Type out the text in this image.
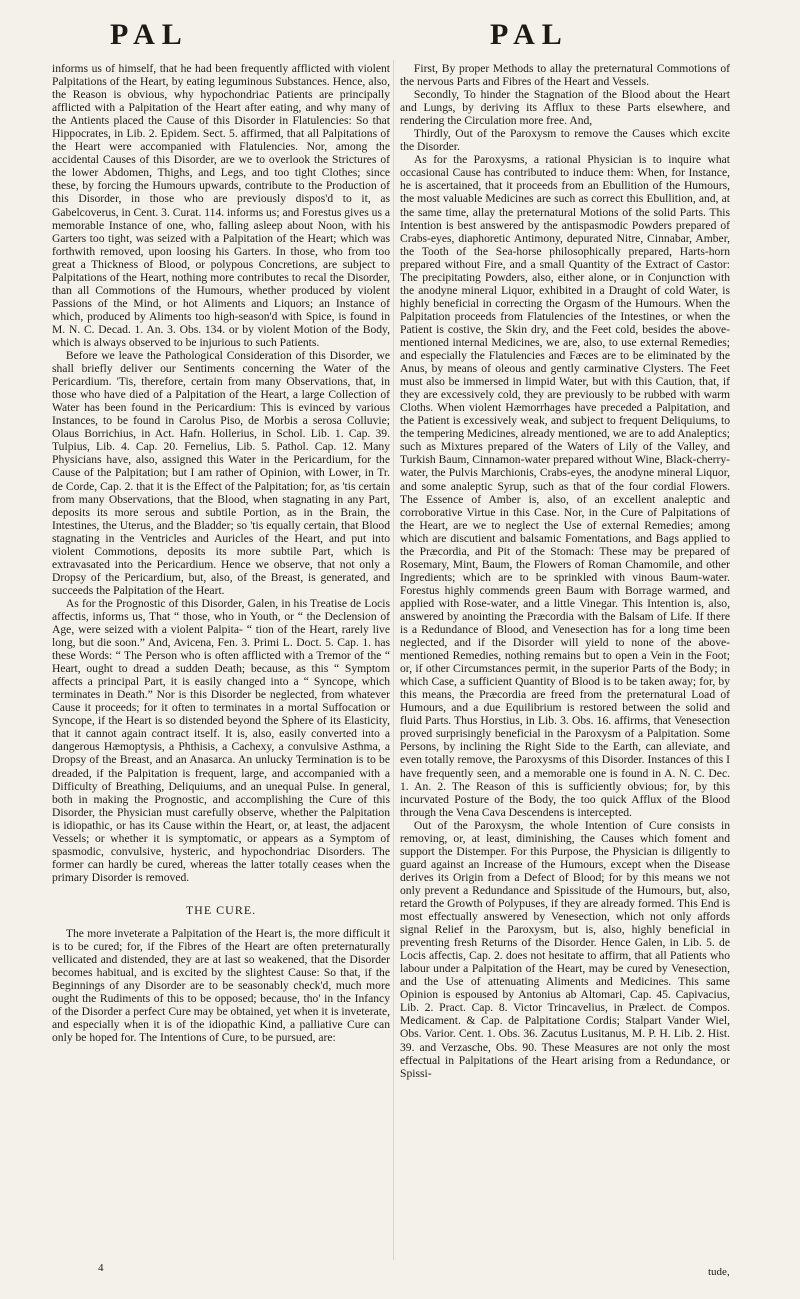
PAL	PAL

informs us of himself, that he had been frequently afflicted with violent Palpitations of the Heart, by eating leguminous Substances. Hence, also, the Reason is obvious, why hypochondriac Patients are principally afflicted with a Palpitation of the Heart after eating, and why many of the Antients placed the Cause of this Disorder in Flatulencies: So that Hippocrates, in Lib. 2. Epidem. Sect. 5. affirmed, that all Palpitations of the Heart were accompanied with Flatulencies. Nor, among the accidental Causes of this Disorder, are we to overlook the Strictures of the lower Abdomen, Thighs, and Legs, and too tight Clothes; since these, by forcing the Humours upwards, contribute to the Production of this Disorder, in those who are previously dispos'd to it, as Gabelcoverus, in Cent. 3. Curat. 114. informs us; and Forestus gives us a memorable Instance of one, who, falling asleep about Noon, with his Garters too tight, was seized with a Palpitation of the Heart; which was forthwith removed, upon loosing his Garters. In those, who from too great a Thickness of Blood, or polypous Concretions, are subject to Palpitations of the Heart, nothing more contributes to recal the Disorder, than all Commotions of the Humours, whether produced by violent Passions of the Mind, or hot Aliments and Liquors; an Instance of which, produced by Aliments too high-season'd with Spice, is found in M. N. C. Decad. 1. An. 3. Obs. 134. or by violent Motion of the Body, which is always observed to be injurious to such Patients.

Before we leave the Pathological Consideration of this Disorder, we shall briefly deliver our Sentiments concerning the Water of the Pericardium. 'Tis, therefore, certain from many Observations, that, in those who have died of a Palpitation of the Heart, a large Collection of Water has been found in the Pericardium: This is evinced by various Instances, to be found in Carolus Piso, de Morbis a serosa Colluvie; Olaus Borrichius, in Act. Hafn. Hollerius, in Schol. Lib. 1. Cap. 39. Tulpius, Lib. 4. Cap. 20. Fernelius, Lib. 5. Pathol. Cap. 12. Many Physicians have, also, assigned this Water in the Pericardium, for the Cause of the Palpitation; but I am rather of Opinion, with Lower, in Tr. de Corde, Cap. 2. that it is the Effect of the Palpitation; for, as 'tis certain from many Observations, that the Blood, when stagnating in any Part, deposits its more serous and subtile Portion, as in the Brain, the Intestines, the Uterus, and the Bladder; so 'tis equally certain, that Blood stagnating in the Ventricles and Auricles of the Heart, and put into violent Commotions, deposits its more subtile Part, which is extravasated into the Pericardium. Hence we observe, that not only a Dropsy of the Pericardium, but, also, of the Breast, is generated, and succeeds the Palpitation of the Heart.

As for the Prognostic of this Disorder, Galen, in his Treatise de Locis affectis, informs us, That “ those, who in Youth, or “ the Declension of Age, were seized with a violent Palpita- “ tion of the Heart, rarely live long, but die soon.” And, Avicena, Fen. 3. Primi L. Doct. 5. Cap. 1. has these Words: “ The Person who is often afflicted with a Tremor of the “ Heart, ought to dread a sudden Death; because, as this “ Symptom affects a principal Part, it is easily changed into a “ Syncope, which terminates in Death.” Nor is this Disorder be neglected, from whatever Cause it proceeds; for it often to terminates in a mortal Suffocation or Syncope, if the Heart is so distended beyond the Sphere of its Elasticity, that it cannot again contract itself. It is, also, easily converted into a dangerous Hæmoptysis, a Phthisis, a Cachexy, a convulsive Asthma, a Dropsy of the Breast, and an Anasarca. An unlucky Termination is to be dreaded, if the Palpitation is frequent, large, and accompanied with a Difficulty of Breathing, Deliquiums, and an unequal Pulse. In general, both in making the Prognostic, and accomplishing the Cure of this Disorder, the Physician must carefully observe, whether the Palpitation is idiopathic, or has its Cause within the Heart, or, at least, the adjacent Vessels; or whether it is symptomatic, or appears as a Symptom of spasmodic, convulsive, hysteric, and hypochondriac Disorders. The former can hardly be cured, whereas the latter totally ceases when the primary Disorder is removed.

THE CURE.

The more inveterate a Palpitation of the Heart is, the more difficult it is to be cured; for, if the Fibres of the Heart are often preternaturally vellicated and distended, they are at last so weakened, that the Disorder becomes habitual, and is excited by the slightest Cause: So that, if the Beginnings of any Disorder are to be seasonably check'd, much more ought the Rudiments of this to be opposed; because, tho' in the Infancy of the Disorder a perfect Cure may be obtained, yet when it is inveterate, and especially when it is of the idiopathic Kind, a palliative Cure can only be hoped for. The Intentions of Cure, to be pursued, are:

First, By proper Methods to allay the preternatural Commotions of the nervous Parts and Fibres of the Heart and Vessels.

Secondly, To hinder the Stagnation of the Blood about the Heart and Lungs, by deriving its Afflux to these Parts elsewhere, and rendering the Circulation more free. And,

Thirdly, Out of the Paroxysm to remove the Causes which excite the Disorder.

As for the Paroxysms, a rational Physician is to inquire what occasional Cause has contributed to induce them: When, for Instance, he is ascertained, that it proceeds from an Ebullition of the Humours, the most valuable Medicines are such as correct this Ebullition, and, at the same time, allay the preternatural Motions of the solid Parts. This Intention is best answered by the antispasmodic Powders prepared of Crabs-eyes, diaphoretic Antimony, depurated Nitre, Cinnabar, Amber, the Tooth of the Sea-horse philosophically prepared, Harts-horn prepared without Fire, and a small Quantity of the Extract of Castor: The precipitating Powders, also, either alone, or in Conjunction with the anodyne mineral Liquor, exhibited in a Draught of cold Water, is highly beneficial in correcting the Orgasm of the Humours. When the Palpitation proceeds from Flatulencies of the Intestines, or when the Patient is costive, the Skin dry, and the Feet cold, besides the above-mentioned internal Medicines, we are, also, to use external Remedies; and especially the Flatulencies and Fæces are to be eliminated by the Anus, by means of oleous and gently carminative Clysters. The Feet must also be immersed in limpid Water, but with this Caution, that, if they are excessively cold, they are previously to be rubbed with warm Cloths. When violent Hæmorrhages have preceded a Palpitation, and the Patient is excessively weak, and subject to frequent Deliquiums, to the tempering Medicines, already mentioned, we are to add Analeptics; such as Mixtures prepared of the Waters of Lily of the Valley, and Turkish Baum, Cinnamon-water prepared without Wine, Black-cherry-water, the Pulvis Marchionis, Crabs-eyes, the anodyne mineral Liquor, and some analeptic Syrup, such as that of the four cordial Flowers. The Essence of Amber is, also, of an excellent analeptic and corroborative Virtue in this Case. Nor, in the Cure of Palpitations of the Heart, are we to neglect the Use of external Remedies; among which are discutient and balsamic Fomentations, and Bags applied to the Præcordia, and Pit of the Stomach: These may be prepared of Rosemary, Mint, Baum, the Flowers of Roman Chamomile, and other Ingredients; which are to be sprinkled with vinous Baum-water. Forestus highly commends green Baum with Borrage warmed, and applied with Rose-water, and a little Vinegar. This Intention is, also, answered by anointing the Præcordia with the Balsam of Life. If there is a Redundance of Blood, and Venesection has for a long time been neglected, and if the Disorder will yield to none of the above-mentioned Remedies, nothing remains but to open a Vein in the Foot; or, if other Circumstances permit, in the superior Parts of the Body; in which Case, a sufficient Quantity of Blood is to be taken away; for, by this means, the Præcordia are freed from the preternatural Load of Humours, and a due Equilibrium is restored between the solid and fluid Parts. Thus Horstius, in Lib. 3. Obs. 16. affirms, that Venesection proved surprisingly beneficial in the Paroxysm of a Palpitation. Some Persons, by inclining the Right Side to the Earth, can alleviate, and even totally remove, the Paroxysms of this Disorder. Instances of this I have frequently seen, and a memorable one is found in A. N. C. Dec. 1. An. 2. The Reason of this is sufficiently obvious; for, by this incurvated Posture of the Body, the too quick Afflux of the Blood through the Vena Cava Descendens is intercepted.

Out of the Paroxysm, the whole Intention of Cure consists in removing, or, at least, diminishing, the Causes which foment and support the Distemper. For this Purpose, the Physician is diligently to guard against an Increase of the Humours, except when the Disease derives its Origin from a Defect of Blood; for by this means we not only prevent a Redundance and Spissitude of the Humours, but, also, retard the Growth of Polypuses, if they are already formed. This End is most effectually answered by Venesection, which not only affords signal Relief in the Paroxysm, but is, also, highly beneficial in preventing fresh Returns of the Disorder. Hence Galen, in Lib. 5. de Locis affectis, Cap. 2. does not hesitate to affirm, that all Patients who labour under a Palpitation of the Heart, may be cured by Venesection, and the Use of attenuating Aliments and Medicines. This same Opinion is espoused by Antonius ab Altomari, Cap. 45. Capivacius, Lib. 2. Pract. Cap. 8. Victor Trincavelius, in Prælect. de Compos. Medicament. & Cap. de Palpitatione Cordis; Stalpart Vander Wiel, Obs. Varior. Cent. 1. Obs. 36. Zacutus Lusitanus, M. P. H. Lib. 2. Hist. 39. and Verzasche, Obs. 90. These Measures are not only the most effectual in Palpitations of the Heart arising from a Redundance, or Spissi-

4	tude,
